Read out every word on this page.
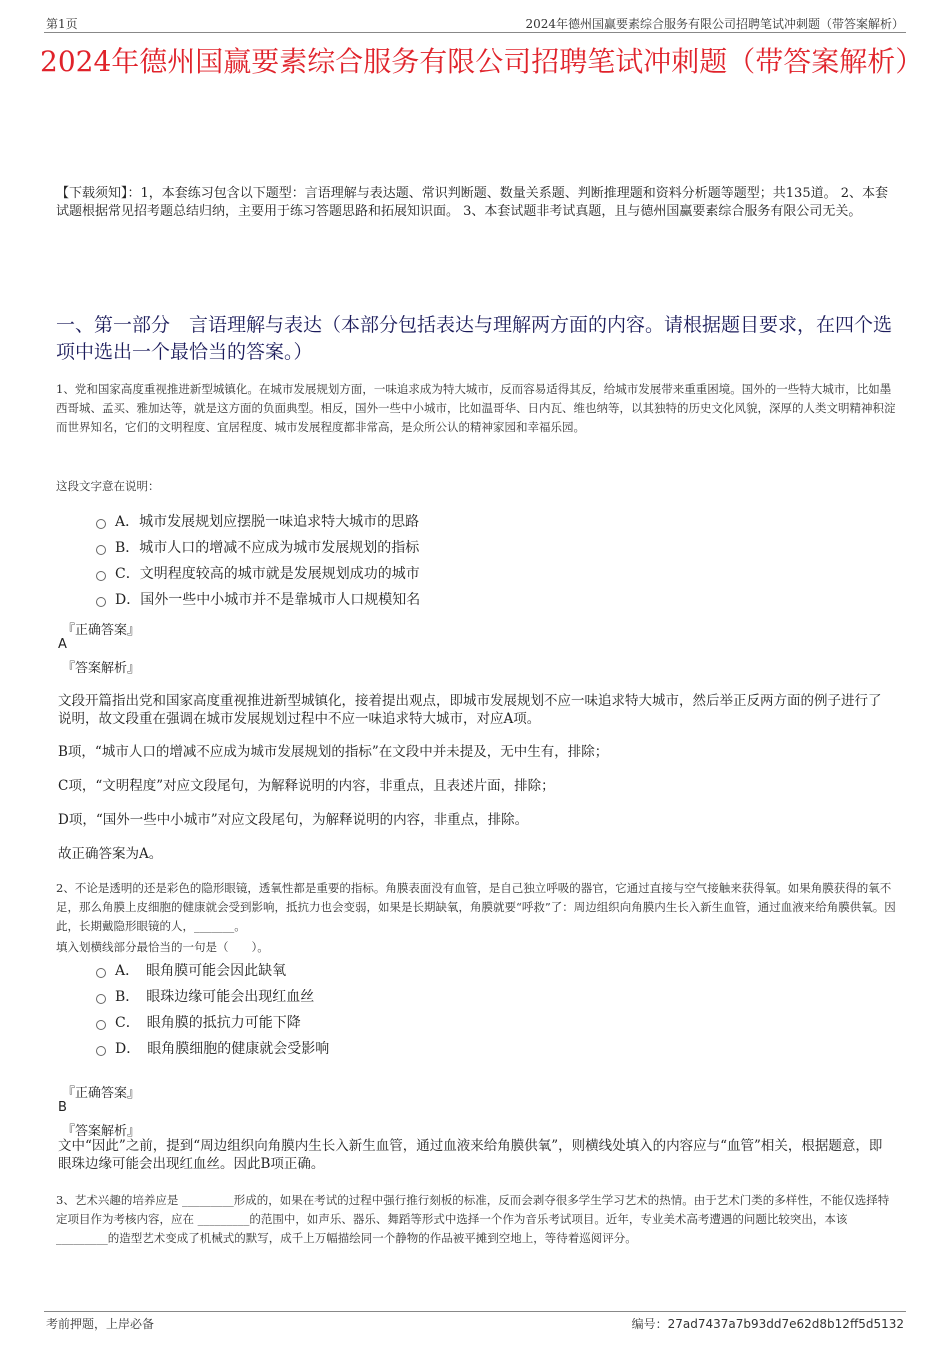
第1页	2024年德州国赢要素综合服务有限公司招聘笔试冲刺题（带答案解析）
2024年德州国赢要素综合服务有限公司招聘笔试冲刺题（带答案解析）
【下载须知】：1，本套练习包含以下题型：言语理解与表达题、常识判断题、数量关系题、判断推理题和资料分析题等题型；共135道。 2、本套试题根据常见招考题总结归纳，主要用于练习答题思路和拓展知识面。 3、本套试题非考试真题，且与德州国赢要素综合服务有限公司无关。
一、第一部分　言语理解与表达（本部分包括表达与理解两方面的内容。请根据题目要求，在四个选项中选出一个最恰当的答案。）
1、党和国家高度重视推进新型城镇化。在城市发展规划方面，一味追求成为特大城市，反而容易适得其反，给城市发展带来重重困境。国外的一些特大城市，比如墨西哥城、孟买、雅加达等，就是这方面的负面典型。相反，国外一些中小城市，比如温哥华、日内瓦、维也纳等，以其独特的历史文化风貌，深厚的人类文明精神积淀而世界知名，它们的文明程度、宜居程度、城市发展程度都非常高，是众所公认的精神家园和幸福乐园。
这段文字意在说明：
A．城市发展规划应摆脱一味追求特大城市的思路
B．城市人口的增减不应成为城市发展规划的指标
C．文明程度较高的城市就是发展规划成功的城市
D．国外一些中小城市并不是靠城市人口规模知名
『正确答案』
A
『答案解析』
文段开篇指出党和国家高度重视推进新型城镇化，接着提出观点，即城市发展规划不应一味追求特大城市，然后举正反两方面的例子进行了说明，故文段重在强调在城市发展规划过程中不应一味追求特大城市，对应A项。
B项，“城市人口的增减不应成为城市发展规划的指标”在文段中并未提及，无中生有，排除；
C项，“文明程度”对应文段尾句，为解释说明的内容，非重点，且表述片面，排除；
D项，“国外一些中小城市”对应文段尾句，为解释说明的内容，非重点，排除。
故正确答案为A。
2、不论是透明的还是彩色的隐形眼镜，透氧性都是重要的指标。角膜表面没有血管，是自己独立呼吸的器官，它通过直接与空气接触来获得氧。如果角膜获得的氧不足，那么角膜上皮细胞的健康就会受到影响，抵抗力也会变弱，如果是长期缺氧，角膜就要“呼救”了：周边组织向角膜内生长入新生血管，通过血液来给角膜供氧。因此，长期戴隐形眼镜的人，_______。
填入划横线部分最恰当的一句是（　　）。
A．　眼角膜可能会因此缺氧
B．　眼珠边缘可能会出现红血丝
C．　眼角膜的抵抗力可能下降
D．　眼角膜细胞的健康就会受影响
『正确答案』
B
『答案解析』
文中“因此”之前，提到“周边组织向角膜内生长入新生血管，通过血液来给角膜供氧”，则横线处填入的内容应与“血管”相关，根据题意，即眼珠边缘可能会出现红血丝。因此B项正确。
3、艺术兴趣的培养应是 _________形成的，如果在考试的过程中强行推行刻板的标准，反而会剥夺很多学生学习艺术的热情。由于艺术门类的多样性，不能仅选择特定项目作为考核内容，应在 _________的范围中，如声乐、器乐、舞蹈等形式中选择一个作为音乐考试项目。近年，专业美术高考遭遇的问题比较突出，本该 _________的造型艺术变成了机械式的默写，成千上万幅描绘同一个静物的作品被平摊到空地上，等待着巡阅评分。
考前押题，上岸必备	编号：27ad7437a7b93dd7e62d8b12ff5d5132
